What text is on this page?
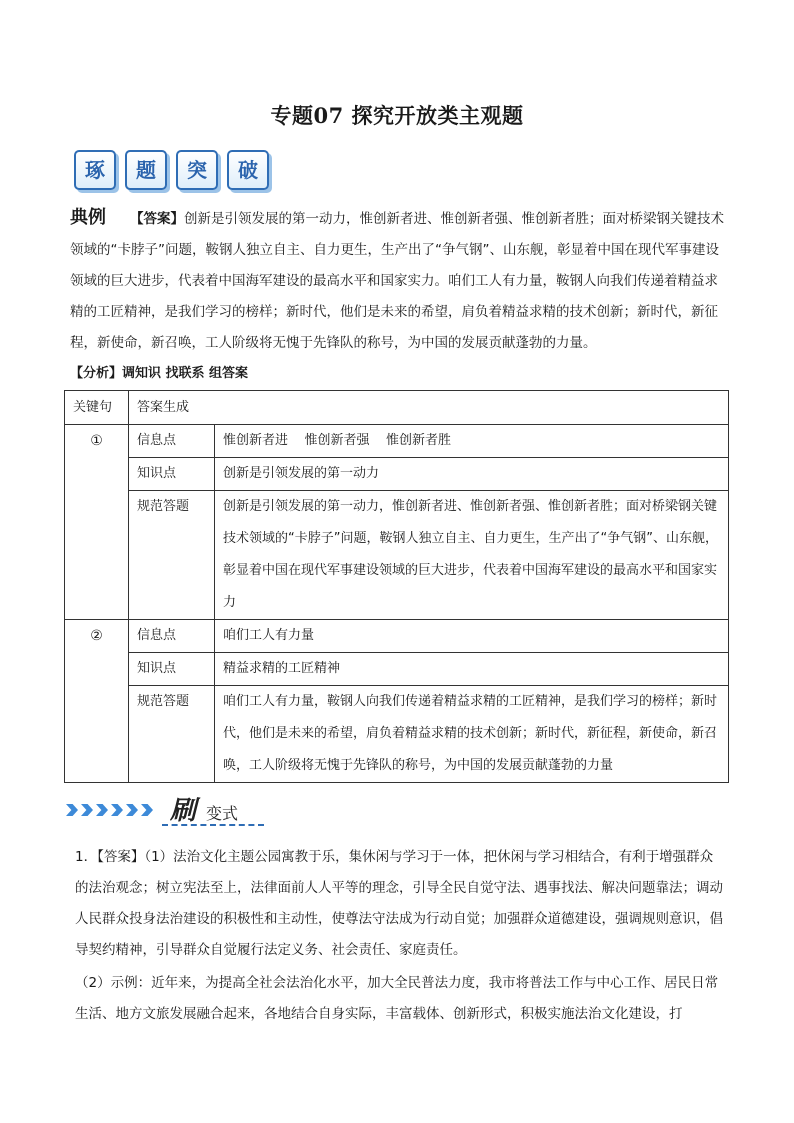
专题07 探究开放类主观题
琢	题	突	破
典例 【答案】创新是引领发展的第一动力，惟创新者进、惟创新者强、惟创新者胜；面对桥梁钢关键技术领域的“卡脖子”问题，鞍钢人独立自主、自力更生，生产出了“争气钢”、山东舰，彰显着中国在现代军事建设领域的巨大进步，代表着中国海军建设的最高水平和国家实力。咱们工人有力量，鞍钢人向我们传递着精益求精的工匠精神，是我们学习的榜样；新时代，他们是未来的希望，肩负着精益求精的技术创新；新时代，新征程，新使命，新召唤，工人阶级将无愧于先锋队的称号，为中国的发展贡献蓬勃的力量。
【分析】调知识 找联系 组答案
关键句	答案生成	
①	信息点	惟创新者进    惟创新者强    惟创新者胜
	知识点	创新是引领发展的第一动力
	规范答题	创新是引领发展的第一动力，惟创新者进、惟创新者强、惟创新者胜；面对桥梁钢关键技术领域的“卡脖子”问题，鞍钢人独立自主、自力更生，生产出了“争气钢”、山东舰，彰显着中国在现代军事建设领域的巨大进步，代表着中国海军建设的最高水平和国家实力
②	信息点	咱们工人有力量
	知识点	精益求精的工匠精神
	规范答题	咱们工人有力量，鞍钢人向我们传递着精益求精的工匠精神，是我们学习的榜样；新时代，他们是未来的希望，肩负着精益求精的技术创新；新时代，新征程，新使命，新召唤，工人阶级将无愧于先锋队的称号，为中国的发展贡献蓬勃的力量
刷 变式
1．【答案】（1）法治文化主题公园寓教于乐，集休闲与学习于一体，把休闲与学习相结合，有利于增强群众的法治观念；树立宪法至上，法律面前人人平等的理念，引导全民自觉守法、遇事找法、解决问题靠法；调动人民群众投身法治建设的积极性和主动性，使尊法守法成为行动自觉；加强群众道德建设，强调规则意识，倡导契约精神，引导群众自觉履行法定义务、社会责任、家庭责任。
（2）示例：近年来，为提高全社会法治化水平，加大全民普法力度，我市将普法工作与中心工作、居民日常生活、地方文旅发展融合起来，各地结合自身实际，丰富载体、创新形式，积极实施法治文化建设，打
